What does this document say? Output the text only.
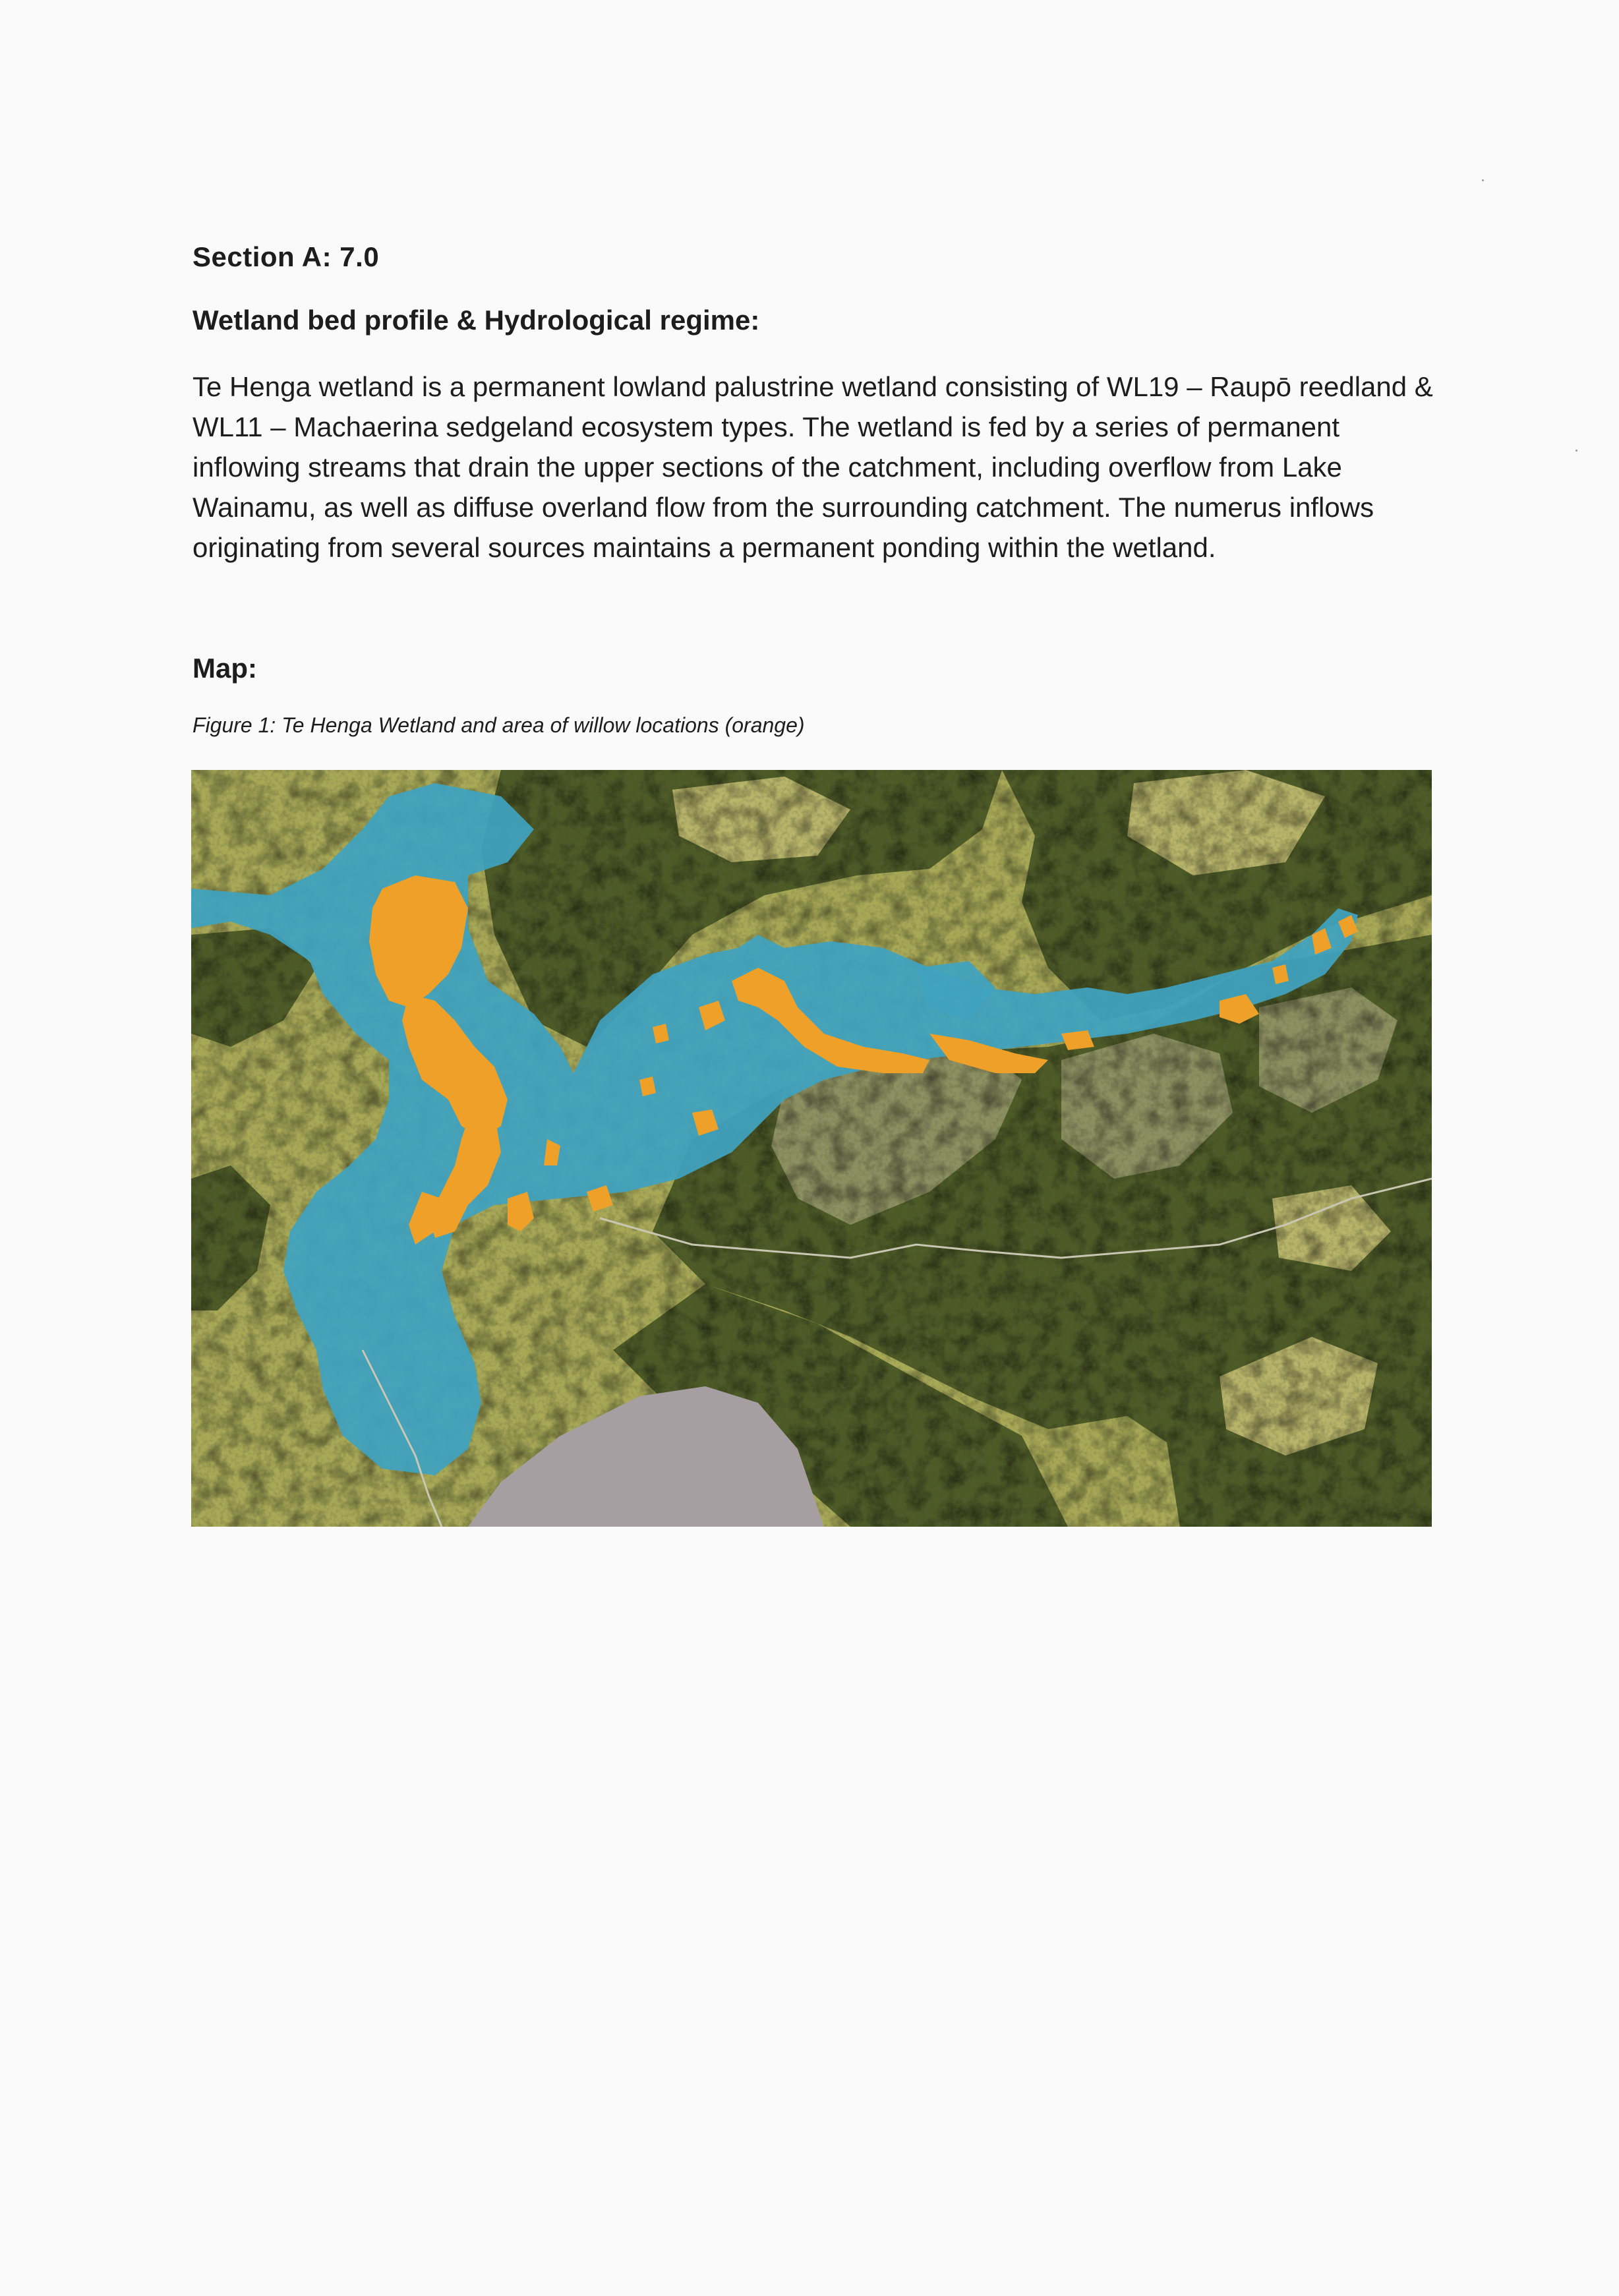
Section A: 7.0
Wetland bed profile & Hydrological regime:
Te Henga wetland is a permanent lowland palustrine wetland consisting of WL19 – Raupō reedland &
WL11 – Machaerina sedgeland ecosystem types. The wetland is fed by a series of permanent
inflowing streams that drain the upper sections of the catchment, including overflow from Lake
Wainamu, as well as diffuse overland flow from the surrounding catchment. The numerus inflows
originating from several sources maintains a permanent ponding within the wetland.
Map:
Figure 1: Te Henga Wetland and area of willow locations (orange)
